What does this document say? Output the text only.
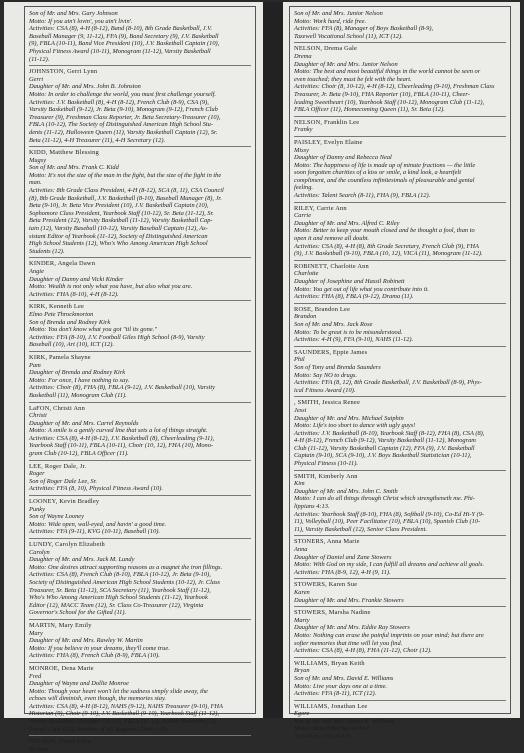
Son of Mr. and Mrs. Gary Johnson

Motto: If you ain't lovin', you ain't livin'.

Activities: CSA (8), 4-H (8-12), Band (8-10), 8th Grade Basketball, J.V.

Baseball Manager (9, 11-12), FFA (9), Band Secretary (9), J.V. Basketball

(9), FBLA (10-11), Band Vice President (10), J.V. Basketball Captain (10),

Physical Fitness Award (10-11), Monogram (11-12), Varsity Basketball

(11-12).

JOHNSTON, Gerri Lynn

Gerri

Daughter of Mr. and Mrs. John B. Johnston

Motto: In order to challenge the world, you must first challenge yourself.

Activities: J.V. Basketball (8), 4-H (8-12), French Club (8-9), CSA (9),

Varsity Basketball (9-12), Jr. Beta (9-10), Monogram (9-12), French Club

Treasurer (9), Freshman Class Reporter, Jr. Beta Secretary-Treasurer (10),

FBLA (10-12), The Society of Distinguished American High School Stu-

dents (11-12), Halloween Queen (11), Varsity Basketball Captain (12), Sr.

Beta (11-12), 4-H Treasurer (11), 4-H Secretary (12).

KIDD, Matthew Blessing

Mugsy

Son of Mr. and Mrs. Frank C. Kidd

Motto: It's not the size of the man in the fight, but the size of the fight in the

man.

Activities: 8th Grade Class President, 4-H (8-12), SCA (8, 11), CSA Council

(8), 8th Grade Basketball, J.V. Basketball (8-10), Baseball Manager (8), Jr.

Beta (9-10), Jr. Beta Vice President (10), J.V. Basketball Captain (10),

Sophomore Class President, Yearbook Staff (10-12), Sr. Beta (11-12), Sr.

Beta President (12), Varsity Basketball (11-12), Varsity Basketball Cap-

tain (12), Varsity Baseball (10-12), Varsity Baseball Captain (12), As-

sistant Editor of Yearbook (11-12), Society of Distinguished American

High School Students (12), Who's Who Among American High School

Students (12).

KINDER, Angela Dawn

Angie

Daughter of Danny and Vicki Kinder

Motto: Wealth is not only what you have, but also what you are.

Activities: FHA (8-10), 4-H (8-12).

KIRK, Kenneth Lee

Elmo Pete Throckmorton

Son of Brenda and Rodney Kirk

Motto: You don't know what you got "til its gone."

Activities: FFA (8-10), J.V. Football Giles High School (8-9), Varsity

Baseball (10), Art (10), ICT (12).

KIRK, Pamela Shayne

Pam

Daughter of Brenda and Rodney Kirk

Motto: For once, I have nothing to say.

Activities: Choir (8), FHA (8), FBLA (9-12), J.V. Basketball (10), Varsity

Basketball (11), Monogram Club (11).

LaFON, Christi Ann

Christi

Daughter of Mr. and Mrs. Carrel Reynolds

Motto: A smile is a gently curved line that sets a lot of things straight.

Activities: CSA (8), 4-H (8-12), J.V. Basketball (8), Cheerleading (9-11),

Yearbook Staff (10-11), FBLA (10-11), Choir (10, 12), FHA (10), Mono-

gram Club (10-12), FBLA Officer (11).

LEE, Roger Dale, Jr.

Roger

Son of Roger Dale Lee, Sr.

Activities: FFA (8, 10), Physical Fitness Award (10).

LOONEY, Kevin Bradley

Punky

Son of Wayne Looney

Motto: Wide open, wall-eyed, and havin' a good time.

Activities: FFA (9-11), KVG (10-11), Baseball (10).

LUNDY, Carolyn Elizabeth

Carolyn

Daughter of Mr. and Mrs. Jack M. Lundy

Motto: One desires attract supporting reasons as a magnet the iron fillings.

Activities: CSA (8), French Club (8-10), FBLA (10-12), Jr. Beta (9-10),

Society of Distinguished American High School Students (10-12), Jr. Class

Treasurer, Sr. Beta (11-12), SCA Secretary (11), Yearbook Staff (11-12),

Who's Who Among American High School Students (11-12), Yearbook

Editor (12), MACC Team (12), Sr. Class Co-Treasurer (12), Virginia

Governor's School for the Gifted (11).

MARTIN, Mary Emily

Mary

Daughter of Mr. and Mrs. Rawley W. Martin

Motto: If you believe in your dreams, they'll come true.

Activities: FHA (8), French Club (8-9), FBLA (10).

MONROE, Dena Marie

Fred

Daughter of Wayne and Dollie Monroe

Motto: Though your heart won't let the sadness simply slide away, the

echoes will diminish, even though, the memories stay.

Activities: CSA (8), 4-H (8-12), NAHS (9-12), NAHS Treasurer (9-10), FHA

Historian (9), Choir (9-10), J.V. Basketball (9-10), Yearbook Staff (11-12),

Varsity Basketball Manager (11-12), FBLA (11-12), NAHS Historian (11),

French Club (12), Member of All Regional Choir (10).

NELSON, David Glen

Perkins

Son of Mr. and Mrs. Junior Nelson

Motto: Work hard, ride free.

Activities: FFA (8), Manager of Boys Basketball (8-9),

Tazewell Vocational School (11), ICT (12).

NELSON, Drema Gale

Drema

Daughter of Mr. and Mrs. Junior Nelson

Motto: The best and most beautiful things in the world cannot be seen or

even touched; they must be felt with the heart.

Activities: Choir (8, 10-12), 4-H (8-12), Cheerleading (9-10), Freshman Class

Treasurer, Jr. Beta (9-10), FHA Reporter (10), FBLA (10-11), Cheer-

leading Sweetheart (10), Yearbook Staff (10-12), Monogram Club (11-12),

FBLA Officer (11), Homecoming Queen (11), Sr. Beta (12).

NELSON, Franklin Lee

Franky

PAISLEY, Evelyn Elaine

Missy

Daughter of Danny and Rebecca Neal

Motto: The happiness of life is made up of minute fractions — the little

soon forgotten charities of a kiss or smile, a kind look, a heartfelt

compliment, and the countless infinitesimals of pleasurable and genial

feeling.

Activities: Talent Search (8-11), FHA (9), FBLA (12).

RILEY, Carrie Ann

Carrie

Daughter of Mr. and Mrs. Alfred C. Riley

Motto: Better to keep your mouth closed and be thought a fool, than to

open it and remove all doubt.

Activities: CSA (8), 4-H (8), 8th Grade Secretary, French Club (9), FHA

(9), J.V. Basketball (9-10), FBLA (10, 12), VICA (11), Monogram (11-12).

ROBINETT, Charlotte Ann

Charlotte

Daughter of Josephine and Hassil Robinett

Motto: You get out of life what you contribute into it.

Activities: FHA (8), FBLA (9-12), Drama (11).

ROSE, Brandon Lee

Brandon

Son of Mr. and Mrs. Jack Rose

Motto: To be great is to be misunderstood.

Activities: 4-H (9), FFA (9-10), NAHS (11-12).

SAUNDERS, Eppie James

Phil

Son of Tony and Brenda Saunders

Motto: Say NO to drugs.

Activities: FFA (8, 12), 8th Grade Basketball, J.V. Basketball (8-9), Phys-

ical Fitness Award (10).

, SMITH, Jessica Renee

Jessi

Daughter of Mr. and Mrs. Michael Sutphin

Motto: Life's too short to dance with ugly guys!

Activities: J.V. Basketball (8-10), Yearbook Staff (8-12), FHA (8), CSA (8),

4-H (8-12), French Club (9-12), Varsity Basketball (11-12), Monogram

Club (11-12), Varsity Basketball Captain (12), FFA (9), J.V. Basketball

Captain (9-10), SCA (9-10), J.V. Boys Basketball Statistician (10-11),

Physical Fitness (10-11).

SMITH, Kimberly Ann

Kim

Daughter of Mr. and Mrs. John C. Smith

Motto: I can do all things through Christ which strengtheneth me. Phi-

lippians 4:13.

Activities: Yearbook Staff (8-10), FHA (8), Softball (9-10), Co-Ed Hi-Y (9-

11), Volleyball (10), Peer Facilitator (10), FBLA (10), Spanish Club (10-

11), Varsity Basketball (12), Senior Class President.

STONERS, Anna Marie

Anna

Daughter of Daniel and Zane Stowers

Motto: With God on my side, I can fulfill all dreams and achieve all goals.

Activities: FHA (8-9, 12), 4-H (9, 11).

STOWERS, Karen Sue

Karen

Daughter of Mr. and Mrs. Frankie Stowers

STOWERS, Marsha Nadine

Marty

Daughter of Mr. and Mrs. Eddie Ray Stowers

Motto: Nothing can erase the painful imprints on your mind; but there are

softer memories that time will let you find.

Activities: CSA (8), 4-H (8), FHA (11-12), Choir (12).

WILLIAMS, Bryan Keith

Bryan

Son of Mr. and Mrs. David E. Williams

Motto: Live your days one at a time.

Activities: FFA (8-11), ICT (12).

WILLIAMS, Jonathan Lee

Egore

Son of Mr. and Mrs. James K. Williams

Motto: Remember his wicked.

Activities: FFA (8-12).
